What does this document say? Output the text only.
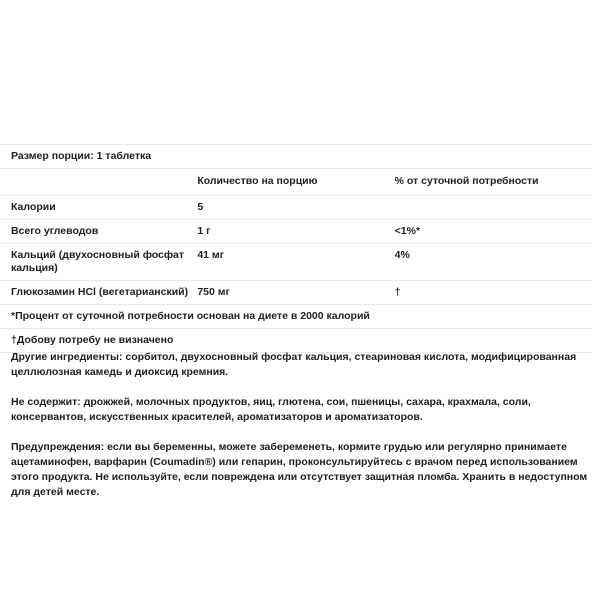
Размер порции: 1 таблетка		
	Количество на порцию	% от суточной потребности
Калории	5	
Всего углеводов	1 г	<1%*
Кальций (двухосновный фосфат кальция)	41 мг	4%
Глюкозамин HCl (вегетарианский)	750 мг	†
*Процент от суточной потребности основан на диете в 2000 калорий		
†Добову потребу не визначено		

Другие ингредиенты: сорбитол, двухосновный фосфат кальция, стеариновая кислота, модифицированная целлюлозная камедь и диоксид кремния.

Не содержит: дрожжей, молочных продуктов, яиц, глютена, сои, пшеницы, сахара, крахмала, соли, консервантов, искусственных красителей, ароматизаторов и ароматизаторов.

Предупреждения: если вы беременны, можете забеременеть, кормите грудью или регулярно принимаете ацетаминофен, варфарин (Coumadin®) или гепарин, проконсультируйтесь с врачом перед использованием этого продукта. Не используйте, если повреждена или отсутствует защитная пломба. Хранить в недоступном для детей месте.
